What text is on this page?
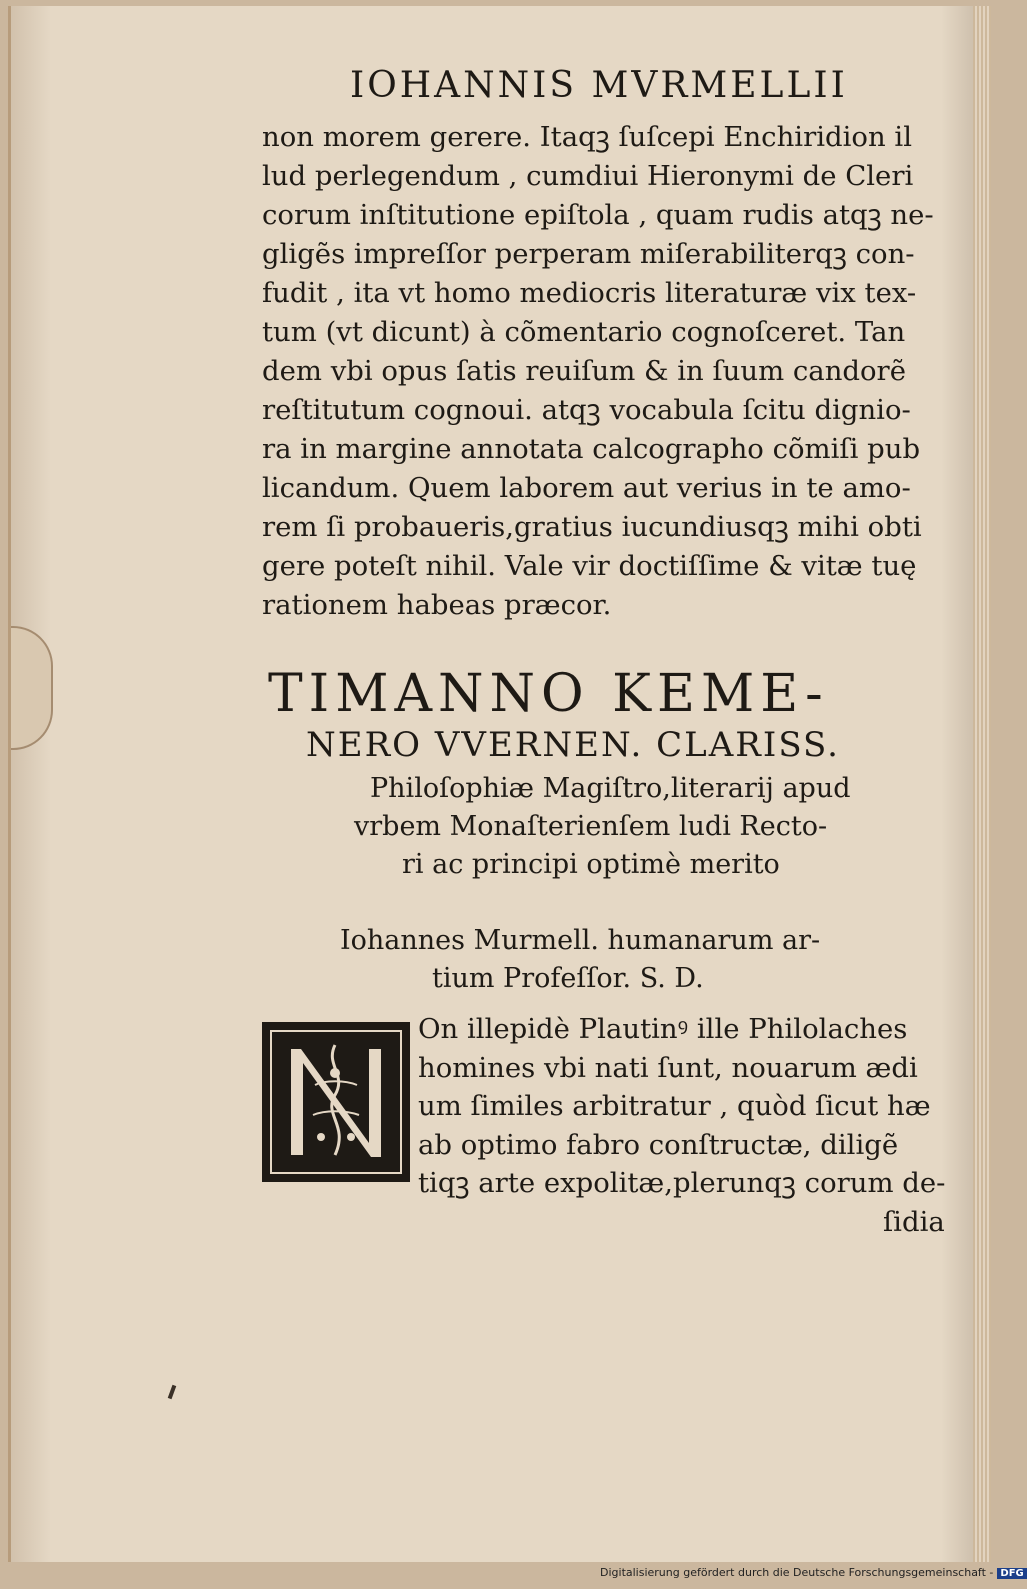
IOHANNIS MVRMELLII
non morem gerere. Itaqꝫ ſuſcepi Enchiridion il
lud perlegendum , cumdiui Hieronymi de Cleri
corum inſtitutione epiſtola , quam rudis atqꝫ ne-
gligẽs impreſſor perperam miſerabiliterqꝫ con-
fudit , ita vt homo mediocris literaturæ vix tex-
tum (vt dicunt) à cõmentario cognoſceret. Tan
dem vbi opus ſatis reuiſum & in ſuum candorẽ
reſtitutum cognoui. atqꝫ vocabula ſcitu dignio-
ra in margine annotata calcographo cõmiſi pub
licandum. Quem laborem aut verius in te amo-
rem ſi probaueris,gratius iucundiusqꝫ mihi obti
gere poteſt nihil. Vale vir doctiſſime & vitæ tuę
rationem habeas præcor.
TIMANNO KEME-
NERO VVERNEN. CLARISS.
Philoſophiæ Magiſtro,literarij apud
vrbem Monaſterienſem ludi Recto-
ri ac principi optimè merito
Iohannes Murmell. humanarum ar-
tium Profeſſor. S. D.
On illepidè Plautinꝰ ille Philolaches
homines vbi nati ſunt, nouarum ædi
um ſimiles arbitratur , quòd ſicut hæ
ab optimo fabro conſtructæ, diligẽ
tiqꝫ arte expolitæ,plerunqꝫ corum de-
ſidia
Digitalisierung gefördert durch die Deutsche Forschungsgemeinschaft - DFG
